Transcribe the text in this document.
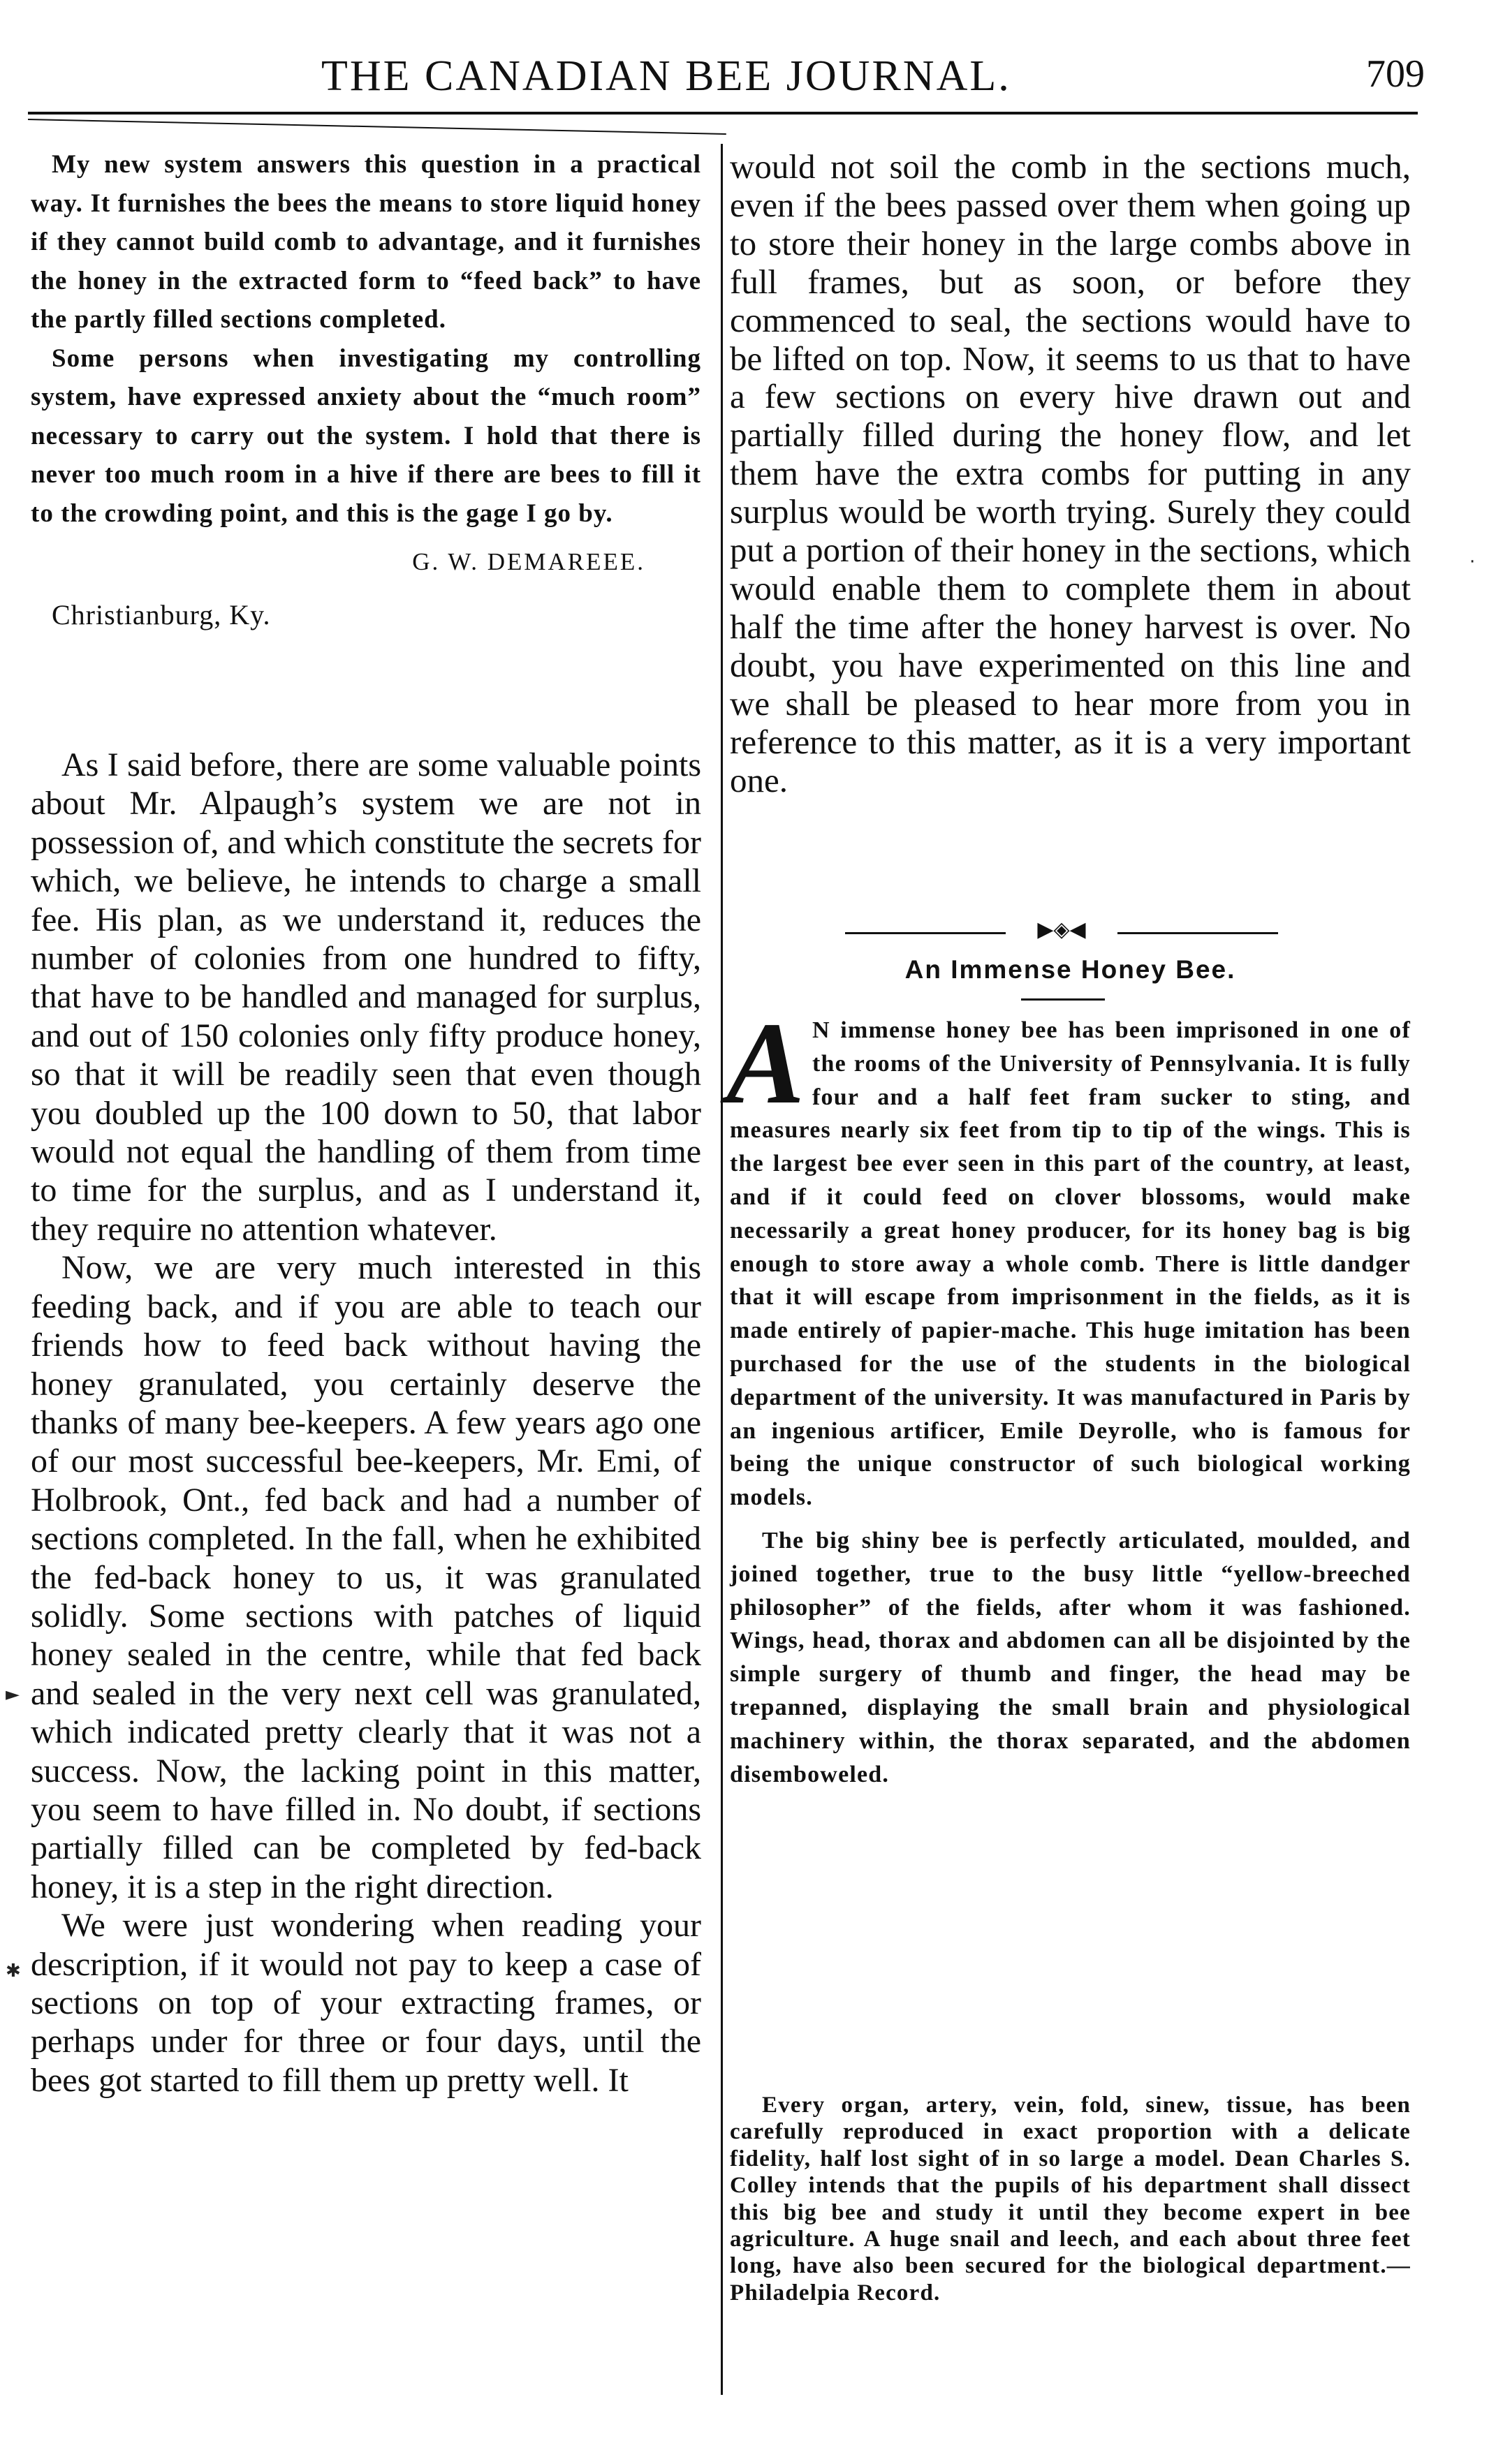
THE CANADIAN BEE JOURNAL.	709

My new system answers this question in a practical way. It furnishes the bees the means to store liquid honey if they cannot build comb to advantage, and it furnishes the honey in the extracted form to “feed back” to have the partly filled sections completed.

Some persons when investigating my controlling system, have expressed anxiety about the “much room” necessary to carry out the system. I hold that there is never too much room in a hive if there are bees to fill it to the crowding point, and this is the gage I go by.

G. W. DEMAREEE.

Christianburg, Ky.

As I said before, there are some valuable points about Mr. Alpaugh’s system we are not in possession of, and which constitute the secrets for which, we believe, he intends to charge a small fee. His plan, as we understand it, reduces the number of colonies from one hundred to fifty, that have to be handled and managed for surplus, and out of 150 colonies only fifty produce honey, so that it will be readily seen that even though you doubled up the 100 down to 50, that labor would not equal the handling of them from time to time for the surplus, and as I understand it, they require no attention whatever.

Now, we are very much interested in this feeding back, and if you are able to teach our friends how to feed back without having the honey granulated, you certainly deserve the thanks of many bee-keepers. A few years ago one of our most successful bee-keepers, Mr. Emi, of Holbrook, Ont., fed back and had a number of sections completed. In the fall, when he exhibited the fed-back honey to us, it was granulated solidly. Some sections with patches of liquid honey sealed in the centre, while that fed back and sealed in the very next cell was granulated, which indicated pretty clearly that it was not a success. Now, the lacking point in this matter, you seem to have filled in. No doubt, if sections partially filled can be completed by fed-back honey, it is a step in the right direction.

We were just wondering when reading your description, if it would not pay to keep a case of sections on top of your extracting frames, or perhaps under for three or four days, until the bees got started to fill them up pretty well. It

would not soil the comb in the sections much, even if the bees passed over them when going up to store their honey in the large combs above in full frames, but as soon, or before they commenced to seal, the sections would have to be lifted on top. Now, it seems to us that to have a few sections on every hive drawn out and partially filled during the honey flow, and let them have the extra combs for putting in any surplus would be worth trying. Surely they could put a portion of their honey in the sections, which would enable them to complete them in about half the time after the honey harvest is over. No doubt, you have experimented on this line and we shall be pleased to hear more from you in reference to this matter, as it is a very important one.

▶◈◀
An Immense Honey Bee.
A N immense honey bee has been imprisoned in one of the rooms of the University of Pennsylvania. It is fully four and a half feet fram sucker to sting, and measures nearly six feet from tip to tip of the wings. This is the largest bee ever seen in this part of the country, at least, and if it could feed on clover blossoms, would make necessarily a great honey producer, for its honey bag is big enough to store away a whole comb. There is little dandger that it will escape from imprisonment in the fields, as it is made entirely of papier-mache. This huge imitation has been purchased for the use of the students in the biological department of the university. It was manufactured in Paris by an ingenious artificer, Emile Deyrolle, who is famous for being the unique constructor of such biological working models.

The big shiny bee is perfectly articulated, moulded, and joined together, true to the busy little “yellow-breeched philosopher” of the fields, after whom it was fashioned. Wings, head, thorax and abdomen can all be disjointed by the simple surgery of thumb and finger, the head may be trepanned, displaying the small brain and physiological machinery within, the thorax separated, and the abdomen disemboweled.

Every organ, artery, vein, fold, sinew, tissue, has been carefully reproduced in exact proportion with a delicate fidelity, half lost sight of in so large a model. Dean Charles S. Colley intends that the pupils of his department shall dissect this big bee and study it until they become expert in bee agriculture. A huge snail and leech, and each about three feet long, have also been secured for the biological department.—Philadelpia Record.

►
✱
·
